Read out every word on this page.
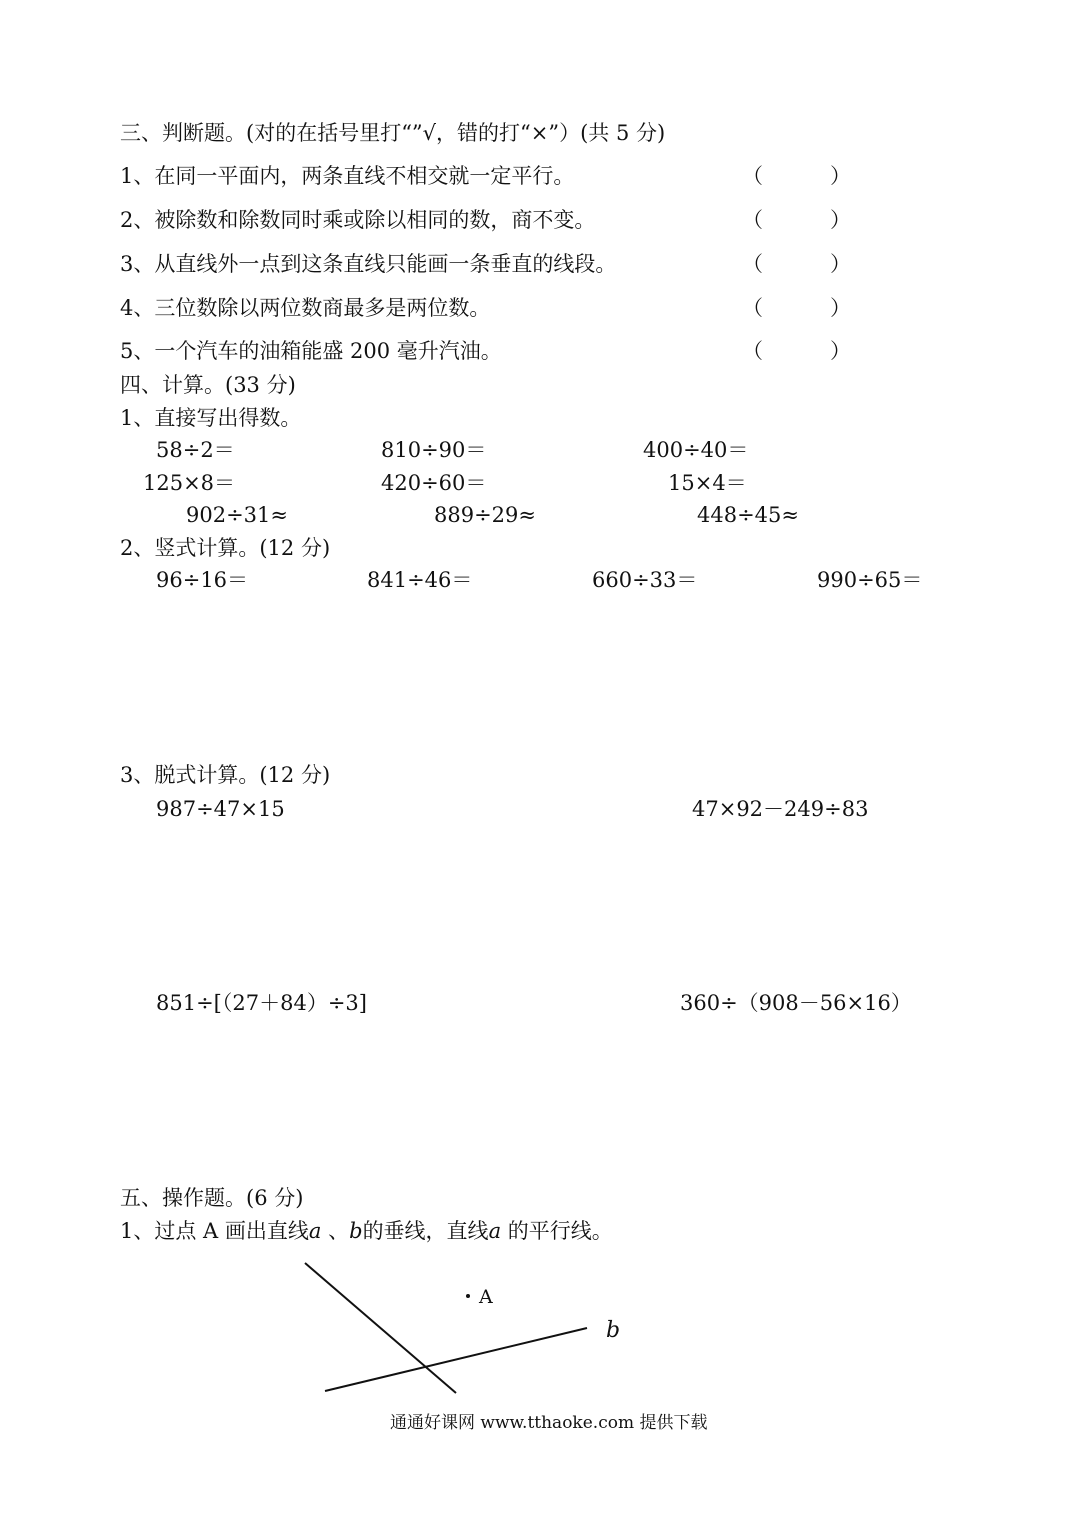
三、判断题。(对的在括号里打“”√，错的打“×”）(共 5 分)
1、在同一平面内，两条直线不相交就一定平行。	（	）
2、被除数和除数同时乘或除以相同的数，商不变。	（	）
3、从直线外一点到这条直线只能画一条垂直的线段。	（	）
4、三位数除以两位数商最多是两位数。	（	）
5、一个汽车的油箱能盛 200 毫升汽油。	（	）
四、计算。(33 分)
1、直接写出得数。
58÷2＝	810÷90＝	400÷40＝
125×8＝	420÷60＝	15×4＝
902÷31≈	889÷29≈	448÷45≈
2、竖式计算。(12 分)
96÷16＝	841÷46＝	660÷33＝	990÷65＝
3、脱式计算。(12 分)
987÷47×15	47×92－249÷83
851÷[（27＋84）÷3]	360÷（908－56×16）
五、操作题。(6 分)
1、过点 A 画出直线a 、b的垂线，直线a 的平行线。
A
b
通通好课网 www.tthaoke.com 提供下载
